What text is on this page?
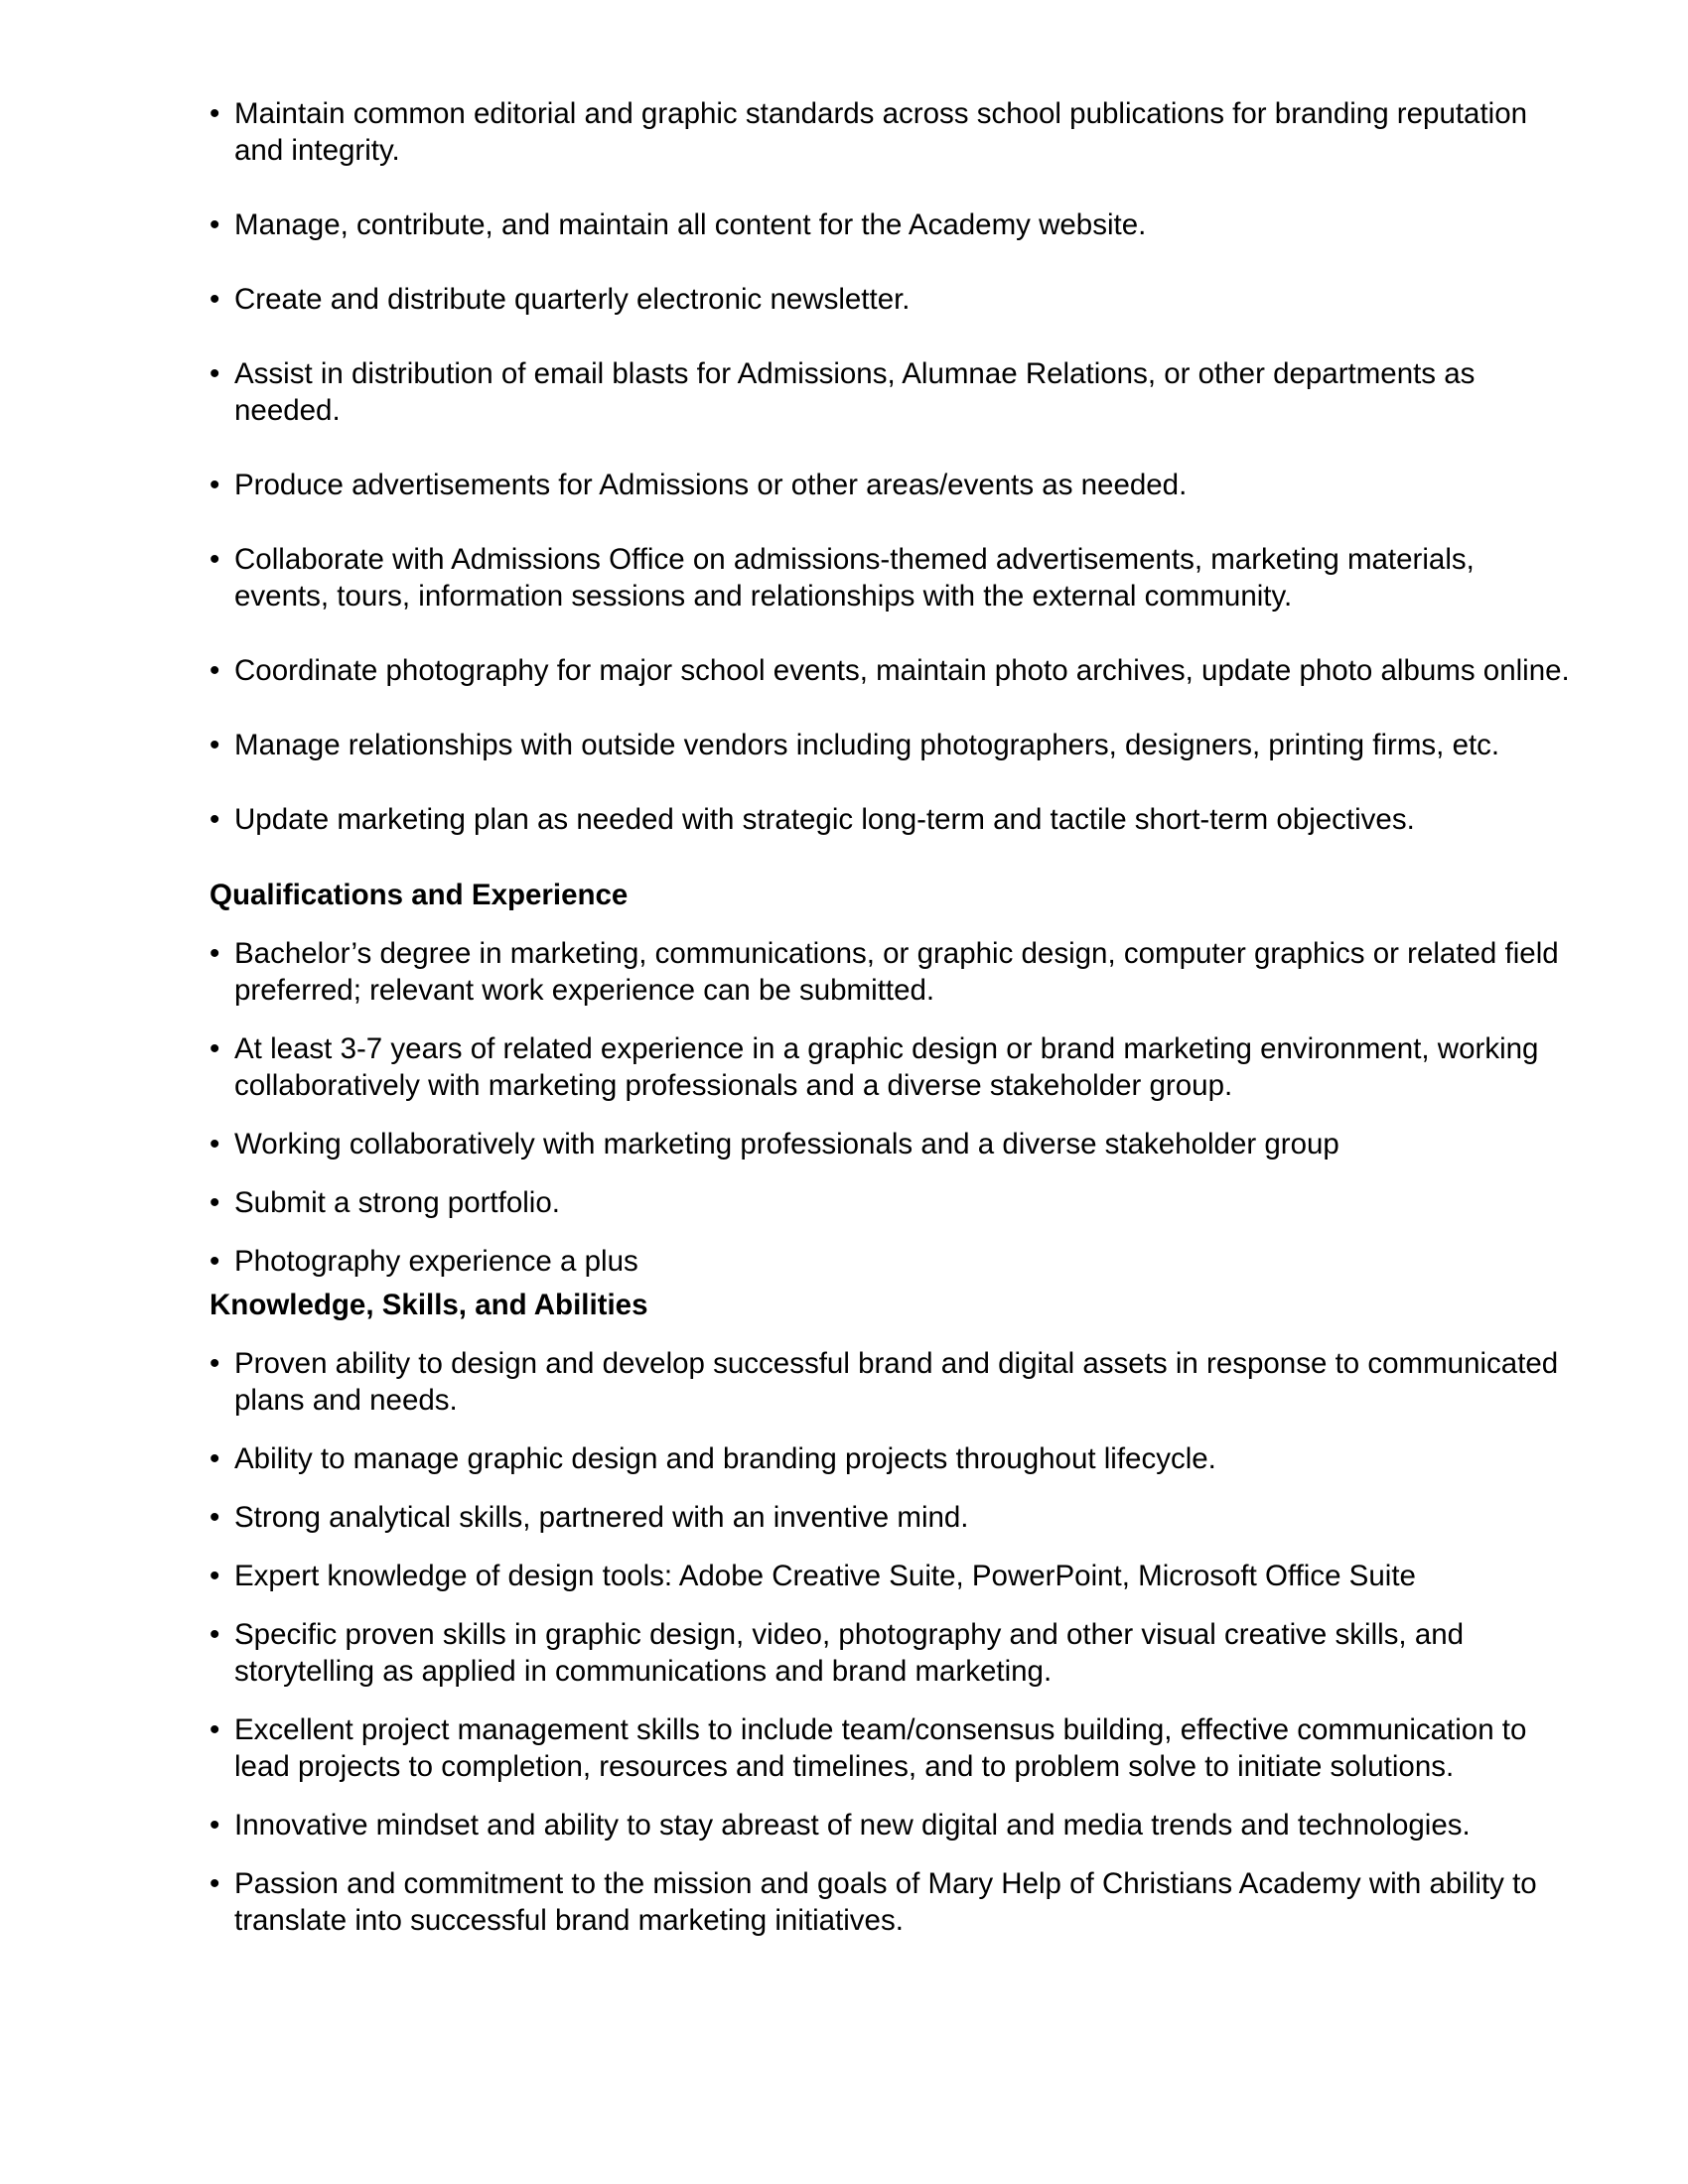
• Maintain common editorial and graphic standards across school publications for branding reputation and integrity.
• Manage, contribute, and maintain all content for the Academy website.
• Create and distribute quarterly electronic newsletter.
• Assist in distribution of email blasts for Admissions, Alumnae Relations, or other departments as needed.
• Produce advertisements for Admissions or other areas/events as needed.
• Collaborate with Admissions Office on admissions-themed advertisements, marketing materials, events, tours, information sessions and relationships with the external community.
• Coordinate photography for major school events, maintain photo archives, update photo albums online.
• Manage relationships with outside vendors including photographers, designers, printing firms, etc.
• Update marketing plan as needed with strategic long-term and tactile short-term objectives.

Qualifications and Experience

• Bachelor’s degree in marketing, communications, or graphic design, computer graphics or related field preferred; relevant work experience can be submitted.
• At least 3-7 years of related experience in a graphic design or brand marketing environment, working collaboratively with marketing professionals and a diverse stakeholder group.
• Working collaboratively with marketing professionals and a diverse stakeholder group
• Submit a strong portfolio.
• Photography experience a plus

Knowledge, Skills, and Abilities

• Proven ability to design and develop successful brand and digital assets in response to communicated plans and needs.
• Ability to manage graphic design and branding projects throughout lifecycle.
• Strong analytical skills, partnered with an inventive mind.
• Expert knowledge of design tools: Adobe Creative Suite, PowerPoint, Microsoft Office Suite
• Specific proven skills in graphic design, video, photography and other visual creative skills, and storytelling as applied in communications and brand marketing.
• Excellent project management skills to include team/consensus building, effective communication to lead projects to completion, resources and timelines, and to problem solve to initiate solutions.
• Innovative mindset and ability to stay abreast of new digital and media trends and technologies.
• Passion and commitment to the mission and goals of Mary Help of Christians Academy with ability to translate into successful brand marketing initiatives.
